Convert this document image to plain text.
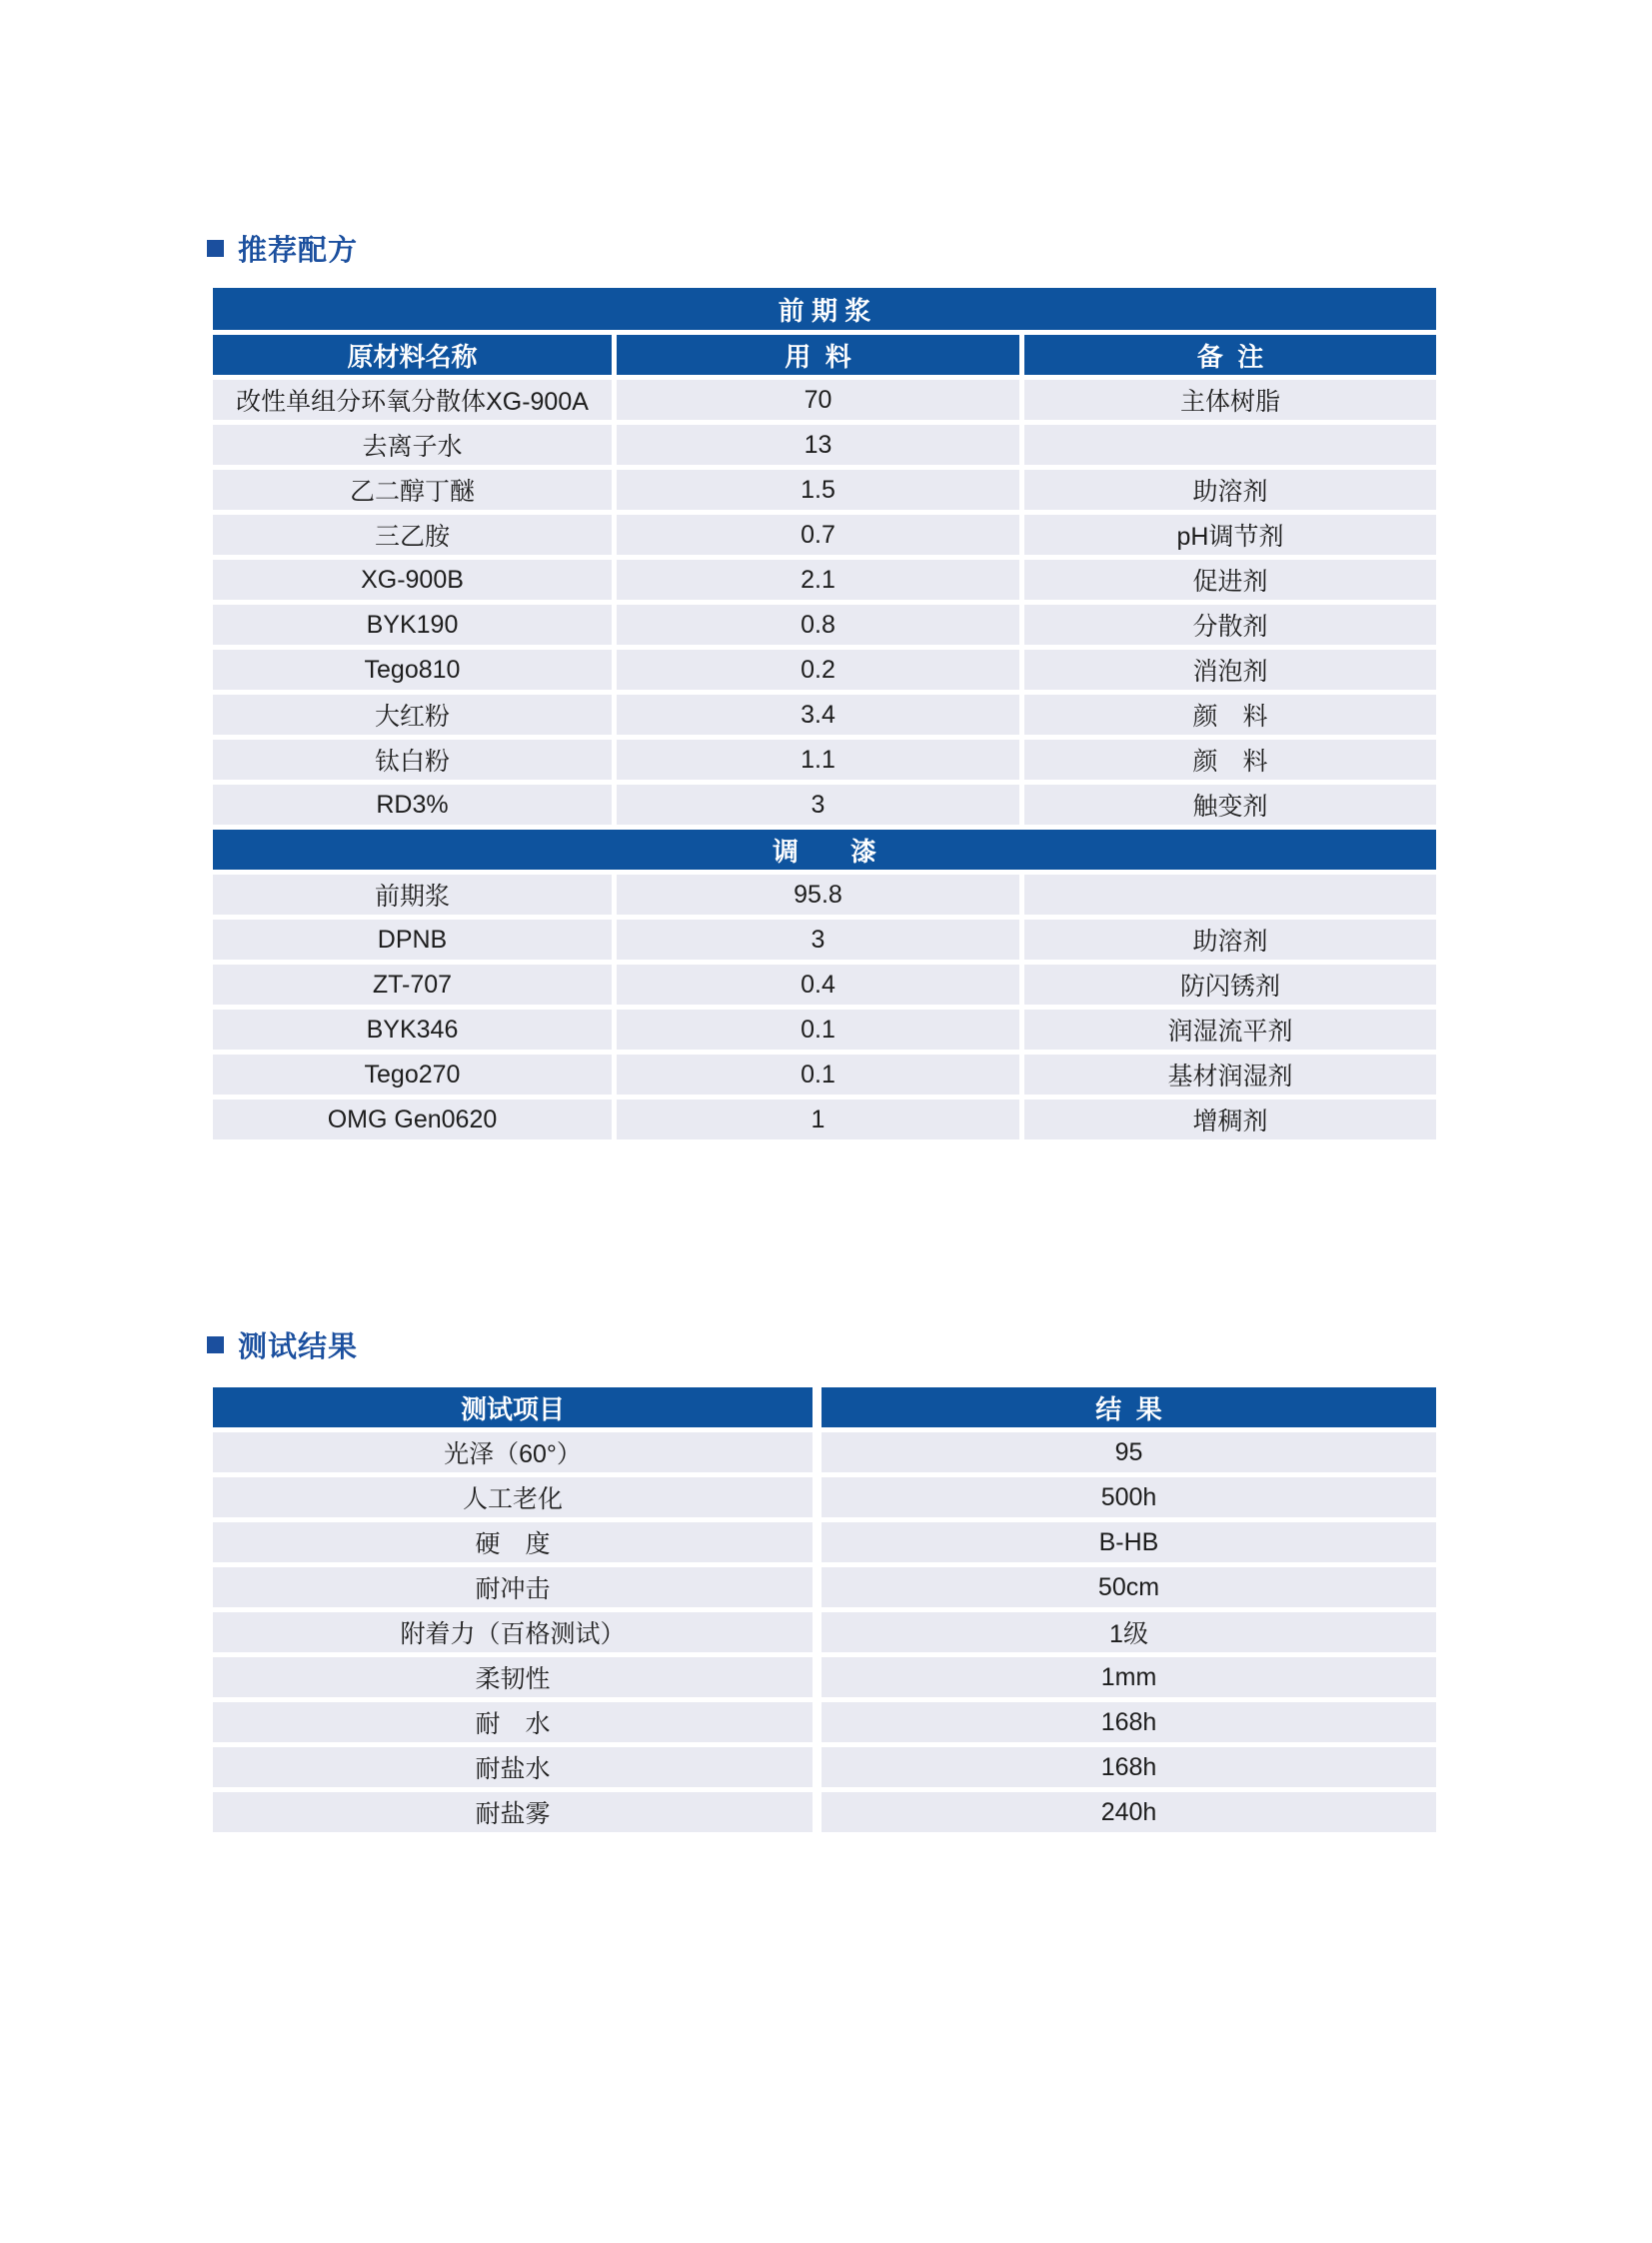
推荐配方
前 期 浆
原材料名称	用  料	备  注
改性单组分环氧分散体XG-900A	70	主体树脂
去离子水	13
乙二醇丁醚	1.5	助溶剂
三乙胺	0.7	pH调节剂
XG-900B	2.1	促进剂
BYK190	0.8	分散剂
Tego810	0.2	消泡剂
大红粉	3.4	颜　料
钛白粉	1.1	颜　料
RD3%	3	触变剂
调　　漆
前期浆	95.8
DPNB	3	助溶剂
ZT-707	0.4	防闪锈剂
BYK346	0.1	润湿流平剂
Tego270	0.1	基材润湿剂
OMG Gen0620	1	增稠剂
测试结果
测试项目	结  果
光泽（60°）	95
人工老化	500h
硬　度	B-HB
耐冲击	50cm
附着力（百格测试）	1级
柔韧性	1mm
耐　水	168h
耐盐水	168h
耐盐雾	240h
